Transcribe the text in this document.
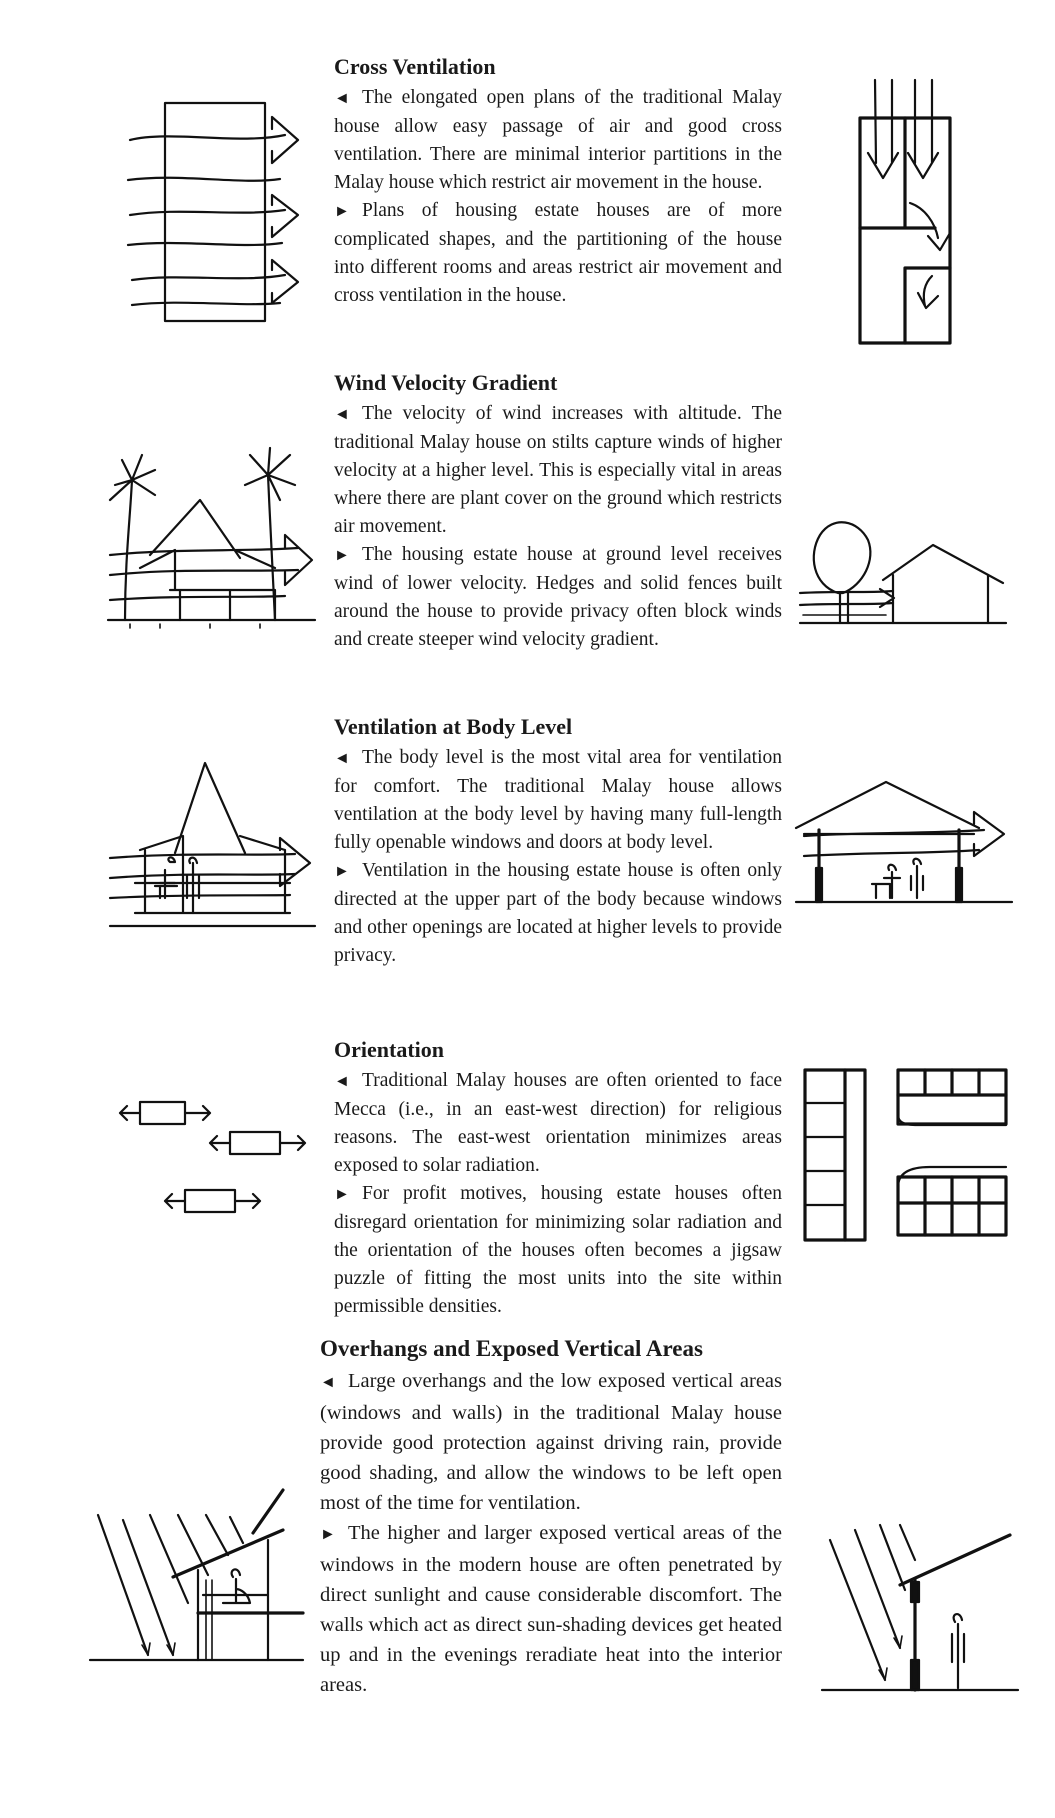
Cross Ventilation

◄ The elongated open plans of the traditional Malay house allow easy passage of air and good cross ventilation. There are minimal interior partitions in the Malay house which restrict air movement in the house.

► Plans of housing estate houses are of more complicated shapes, and the partitioning of the house into different rooms and areas restrict air movement and cross ventilation in the house.

Wind Velocity Gradient

◄ The velocity of wind increases with altitude. The traditional Malay house on stilts capture winds of higher velocity at a higher level. This is especially vital in areas where there are plant cover on the ground which restricts air movement.

► The housing estate house at ground level receives wind of lower velocity. Hedges and solid fences built around the house to provide privacy often block winds and create steeper wind velocity gradient.

Ventilation at Body Level

◄ The body level is the most vital area for ventilation for comfort. The traditional Malay house allows ventilation at the body level by having many full-length fully openable windows and doors at body level.

► Ventilation in the housing estate house is often only directed at the upper part of the body because windows and other openings are located at higher levels to provide privacy.

Orientation

◄ Traditional Malay houses are often oriented to face Mecca (i.e., in an east-west direction) for religious reasons. The east-west orientation minimizes areas exposed to solar radiation.

► For profit motives, housing estate houses often disregard orientation for minimizing solar radiation and the orientation of the houses often becomes a jigsaw puzzle of fitting the most units into the site within permissible densities.

Overhangs and Exposed Vertical Areas

◄ Large overhangs and the low exposed vertical areas (windows and walls) in the traditional Malay house provide good protection against driving rain, provide good shading, and allow the windows to be left open most of the time for ventilation.

► The higher and larger exposed vertical areas of the windows in the modern house are often penetrated by direct sunlight and cause considerable discomfort. The walls which act as direct sun-shading devices get heated up and in the evenings reradiate heat into the interior areas.
